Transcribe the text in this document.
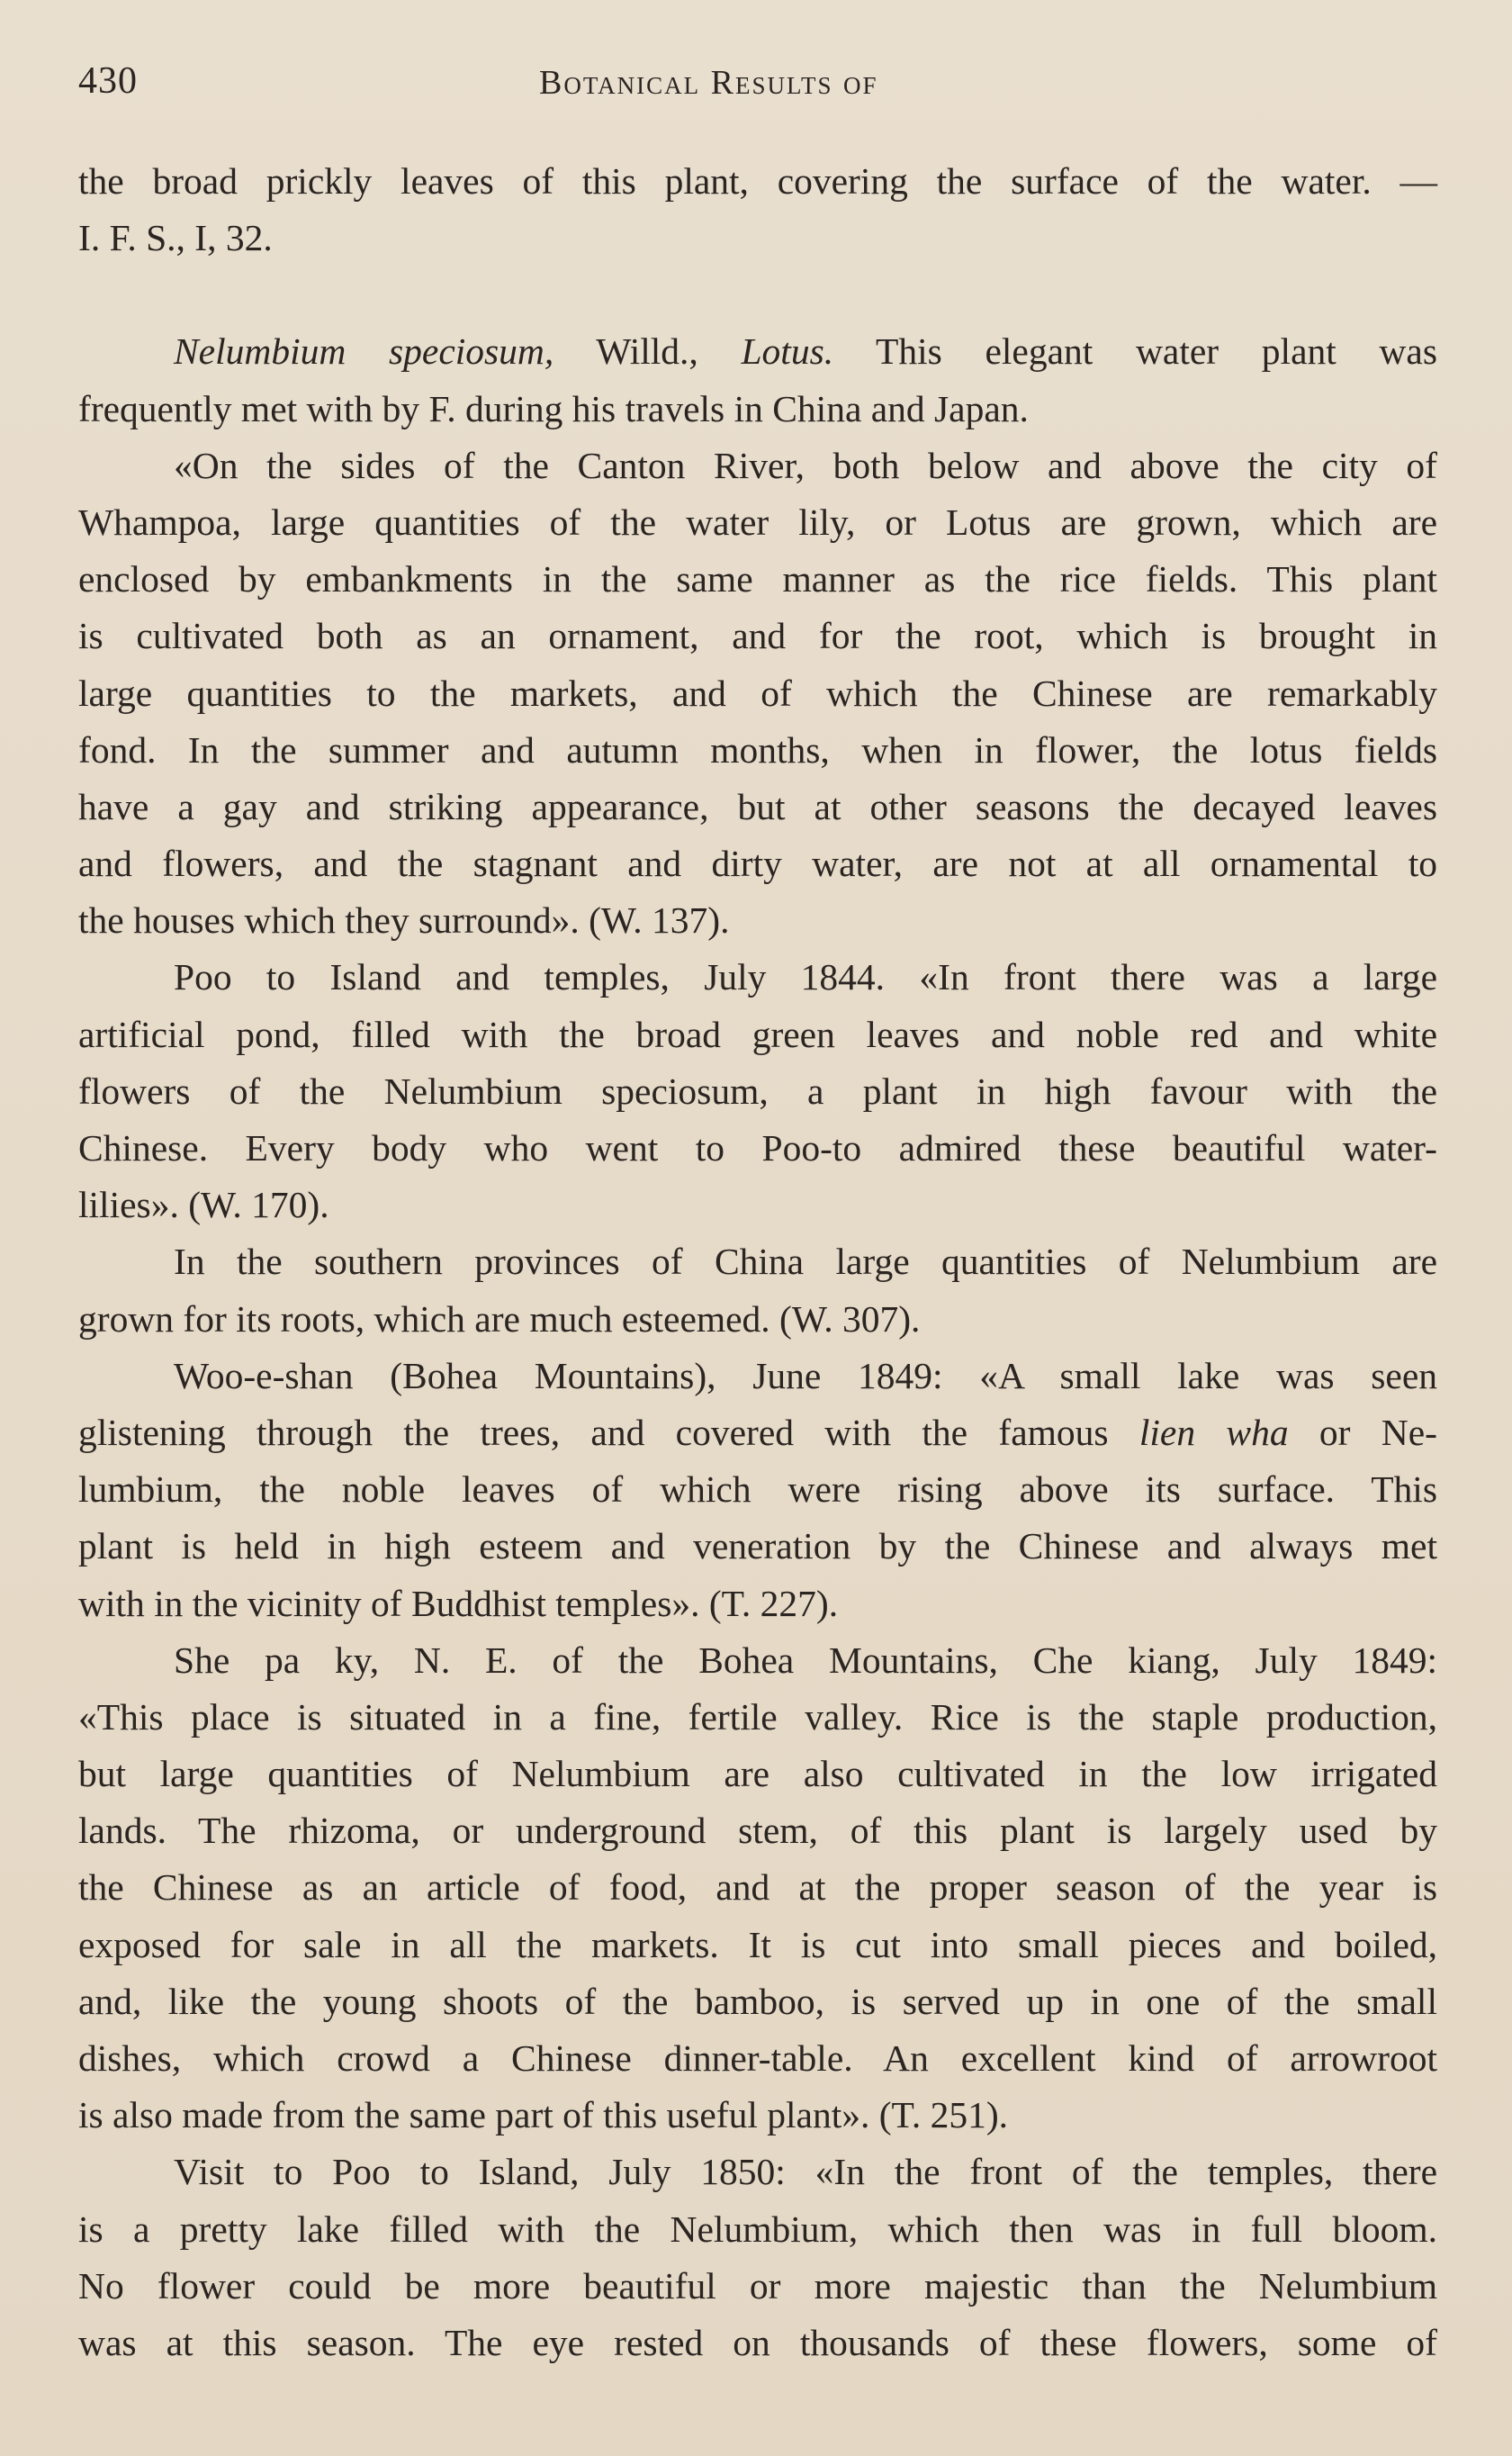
430	Botanical Results of
the broad prickly leaves of this plant, covering the surface of the water. —
I. F. S., I, 32.
Nelumbium speciosum, Willd., Lotus. This elegant water plant was
frequently met with by F. during his travels in China and Japan.
«On the sides of the Canton River, both below and above the city of
Whampoa, large quantities of the water lily, or Lotus are grown, which are
enclosed by embankments in the same manner as the rice fields. This plant
is cultivated both as an ornament, and for the root, which is brought in
large quantities to the markets, and of which the Chinese are remarkably
fond. In the summer and autumn months, when in flower, the lotus fields
have a gay and striking appearance, but at other seasons the decayed leaves
and flowers, and the stagnant and dirty water, are not at all ornamental to
the houses which they surround». (W. 137).
Poo to Island and temples, July 1844. «In front there was a large
artificial pond, filled with the broad green leaves and noble red and white
flowers of the Nelumbium speciosum, a plant in high favour with the
Chinese. Every body who went to Poo-to admired these beautiful water-
lilies». (W. 170).
In the southern provinces of China large quantities of Nelumbium are
grown for its roots, which are much esteemed. (W. 307).
Woo-e-shan (Bohea Mountains), June 1849: «A small lake was seen
glistening through the trees, and covered with the famous lien wha or Ne-
lumbium, the noble leaves of which were rising above its surface. This
plant is held in high esteem and veneration by the Chinese and always met
with in the vicinity of Buddhist temples». (T. 227).
She pa ky, N. E. of the Bohea Mountains, Che kiang, July 1849:
«This place is situated in a fine, fertile valley. Rice is the staple production,
but large quantities of Nelumbium are also cultivated in the low irrigated
lands. The rhizoma, or underground stem, of this plant is largely used by
the Chinese as an article of food, and at the proper season of the year is
exposed for sale in all the markets. It is cut into small pieces and boiled,
and, like the young shoots of the bamboo, is served up in one of the small
dishes, which crowd a Chinese dinner-table. An excellent kind of arrowroot
is also made from the same part of this useful plant». (T. 251).
Visit to Poo to Island, July 1850: «In the front of the temples, there
is a pretty lake filled with the Nelumbium, which then was in full bloom.
No flower could be more beautiful or more majestic than the Nelumbium
was at this season. The eye rested on thousands of these flowers, some of
